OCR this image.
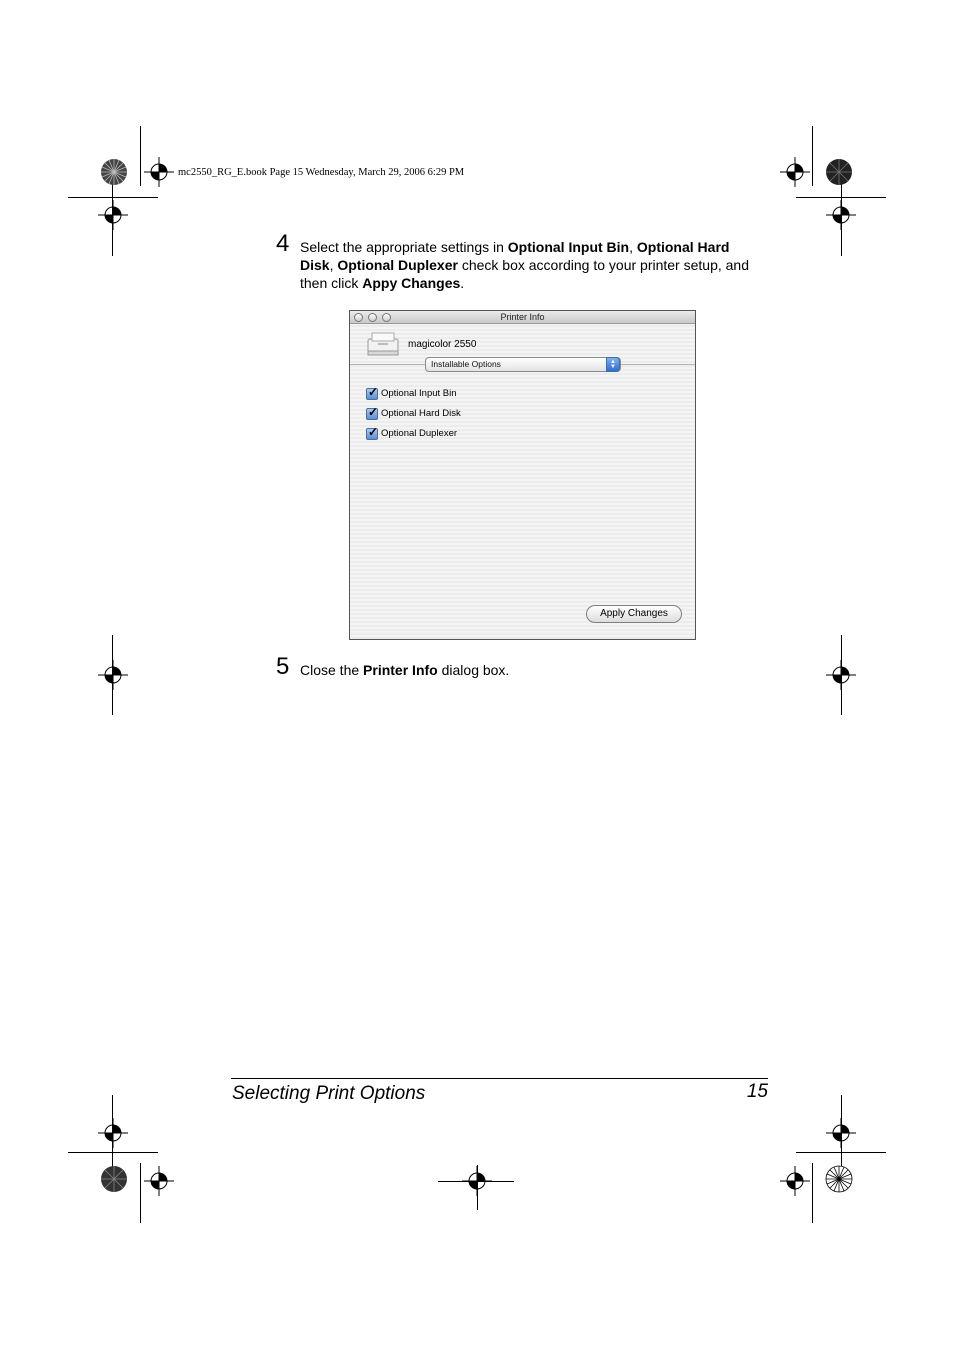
mc2550_RG_E.book Page 15 Wednesday, March 29, 2006 6:29 PM
4 Select the appropriate settings in Optional Input Bin, Optional Hard
Disk, Optional Duplexer check box according to your printer setup, and
then click Appy Changes.
Printer Info
magicolor 2550
Installable Options	▲
▼
✓ Optional Input Bin
✓ Optional Hard Disk
✓ Optional Duplexer
Apply Changes
5 Close the Printer Info dialog box.
Selecting Print Options	15
